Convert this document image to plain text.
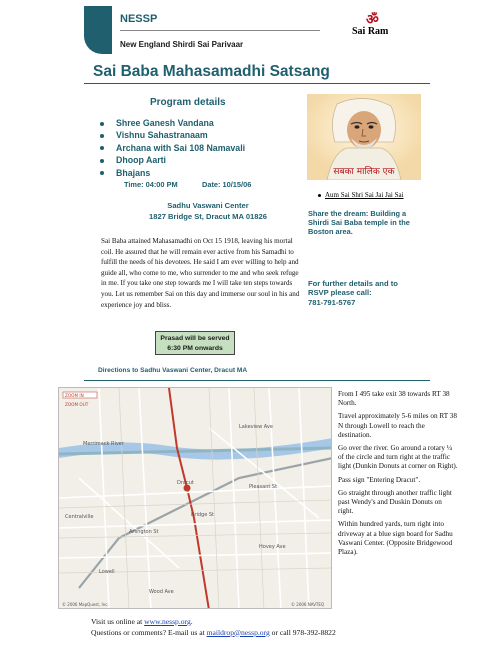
NESSP
New England Shirdi Sai Parivaar
ॐ
Sai Ram
Sai Baba Mahasamadhi Satsang
Program details
Shree Ganesh Vandana
Vishnu Sahastranaam
Archana with Sai 108 Namavali
Dhoop Aarti
Bhajans
Time: 04:00 PM	Date: 10/15/06
Sadhu Vaswani Center
1827 Bridge St, Dracut MA 01826
Sai Baba attained Mahasamadhi on Oct 15 1918, leaving his mortal coil. He assured that he will remain ever active from his Samadhi to fulfill the needs of his devotees. He said I am ever willing to help and guide all, who come to me, who surrender to me and who seek refuge in me. If you take one step towards me I will take ten steps towards you. Let us remember Sai on this day and immerse our soul in his and experience joy and bliss.
Prasad will be served
6:30 PM onwards
सबका मालिक एक
Aum Sai Shri Sai Jai Jai Sai
Share the dream: Building a Shirdi Sai Baba temple in the Boston area.
For further details and to RSVP please call:
781-791-5767
Directions to Sadhu Vaswani Center, Dracut MA
ZOOM IN
ZOOM OUT
Merrimack River
Dracut
Lowell
Centralville	Bridge St
Pleasant St
Arlington St
Hovey Ave
Wood Ave
Lakeview Ave
© 2006 MapQuest, Inc.	© 2006 NAVTEQ

From I 495 take exit 38 towards RT 38 North.

Travel approximately 5-6 miles on RT 38 N through Lowell to reach the destination.

Go over the river. Go around a rotary ¼ of the circle and turn right at the traffic light (Dunkin Donuts at corner on Right).

Pass sign "Entering Dracut".

Go straight through another traffic light past Wendy's and Duskin Donuts on right.

Within hundred yards, turn right into driveway at a blue sign board for Sadhu Vaswani Center. (Opposite Bridgewood Plaza).

Visit us online at www.nessp.org.
Questions or comments? E-mail us at maildrop@nessp.org or call 978-392-8822
